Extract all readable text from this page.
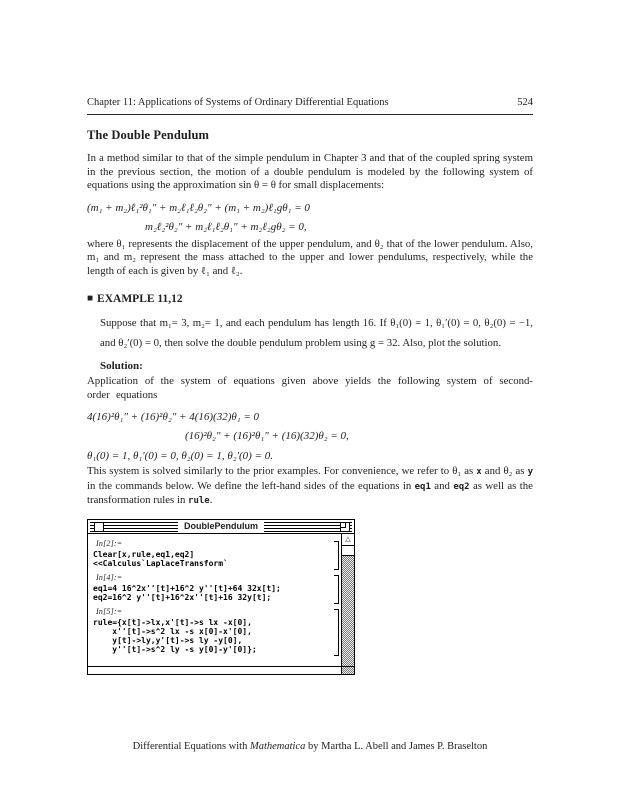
Chapter 11: Applications of Systems of Ordinary Differential Equations	524
The Double Pendulum
In a method similar to that of the simple pendulum in Chapter 3 and that of the coupled spring system in the previous section, the motion of a double pendulum is modeled by the following system of equations using the approximation sin θ = θ for small displacements:
(m₁ + m₂)ℓ₁²θ₁″ + m₂ℓ₁ℓ₂θ₂″ + (m₁ + m₂)ℓ₁gθ₁ = 0
m₂ℓ₂²θ₂″ + m₂ℓ₁ℓ₂θ₁″ + m₂ℓ₂gθ₂ = 0,
where θ₁ represents the displacement of the upper pendulum, and θ₂ that of the lower pendulum. Also, m₁ and m₂ represent the mass attached to the upper and lower pendulums, respectively, while the length of each is given by ℓ₁ and ℓ₂.
■ EXAMPLE 11,12
Suppose that m₁= 3, m₂= 1, and each pendulum has length 16. If θ₁(0) = 1, θ₁′(0) = 0, θ₂(0) = −1, and θ₂′(0) = 0, then solve the double pendulum problem using g = 32. Also, plot the solution.
Solution:
Application of the system of equations given above yields the following system of second-order equations
4(16)²θ₁″ + (16)²θ₂″ + 4(16)(32)θ₁ = 0
(16)²θ₂″ + (16)²θ₁″ + (16)(32)θ₂ = 0,
θ₁(0) = 1, θ₁′(0) = 0, θ₂(0) = 1, θ₂′(0) = 0.
This system is solved similarly to the prior examples. For convenience, we refer to θ₁ as x and θ₂ as y in the commands below. We define the left-hand sides of the equations in eq1 and eq2 as well as the transformation rules in rule.
DoublePendulum
In[2]:=
Clear[x,rule,eq1,eq2]
<<Calculus`LaplaceTransform`
In[4]:=
eq1=4 16^2x''[t]+16^2 y''[t]+64 32x[t];
eq2=16^2 y''[t]+16^2x''[t]+16 32y[t];
In[5]:=
rule={x[t]->lx,x'[t]->s lx -x[0],
x''[t]->s^2 lx -s x[0]-x'[0],
y[t]->ly,y'[t]->s ly -y[0],
y''[t]->s^2 ly -s y[0]-y'[0]};
△
Differential Equations with Mathematica by Martha L. Abell and James P. Braselton
